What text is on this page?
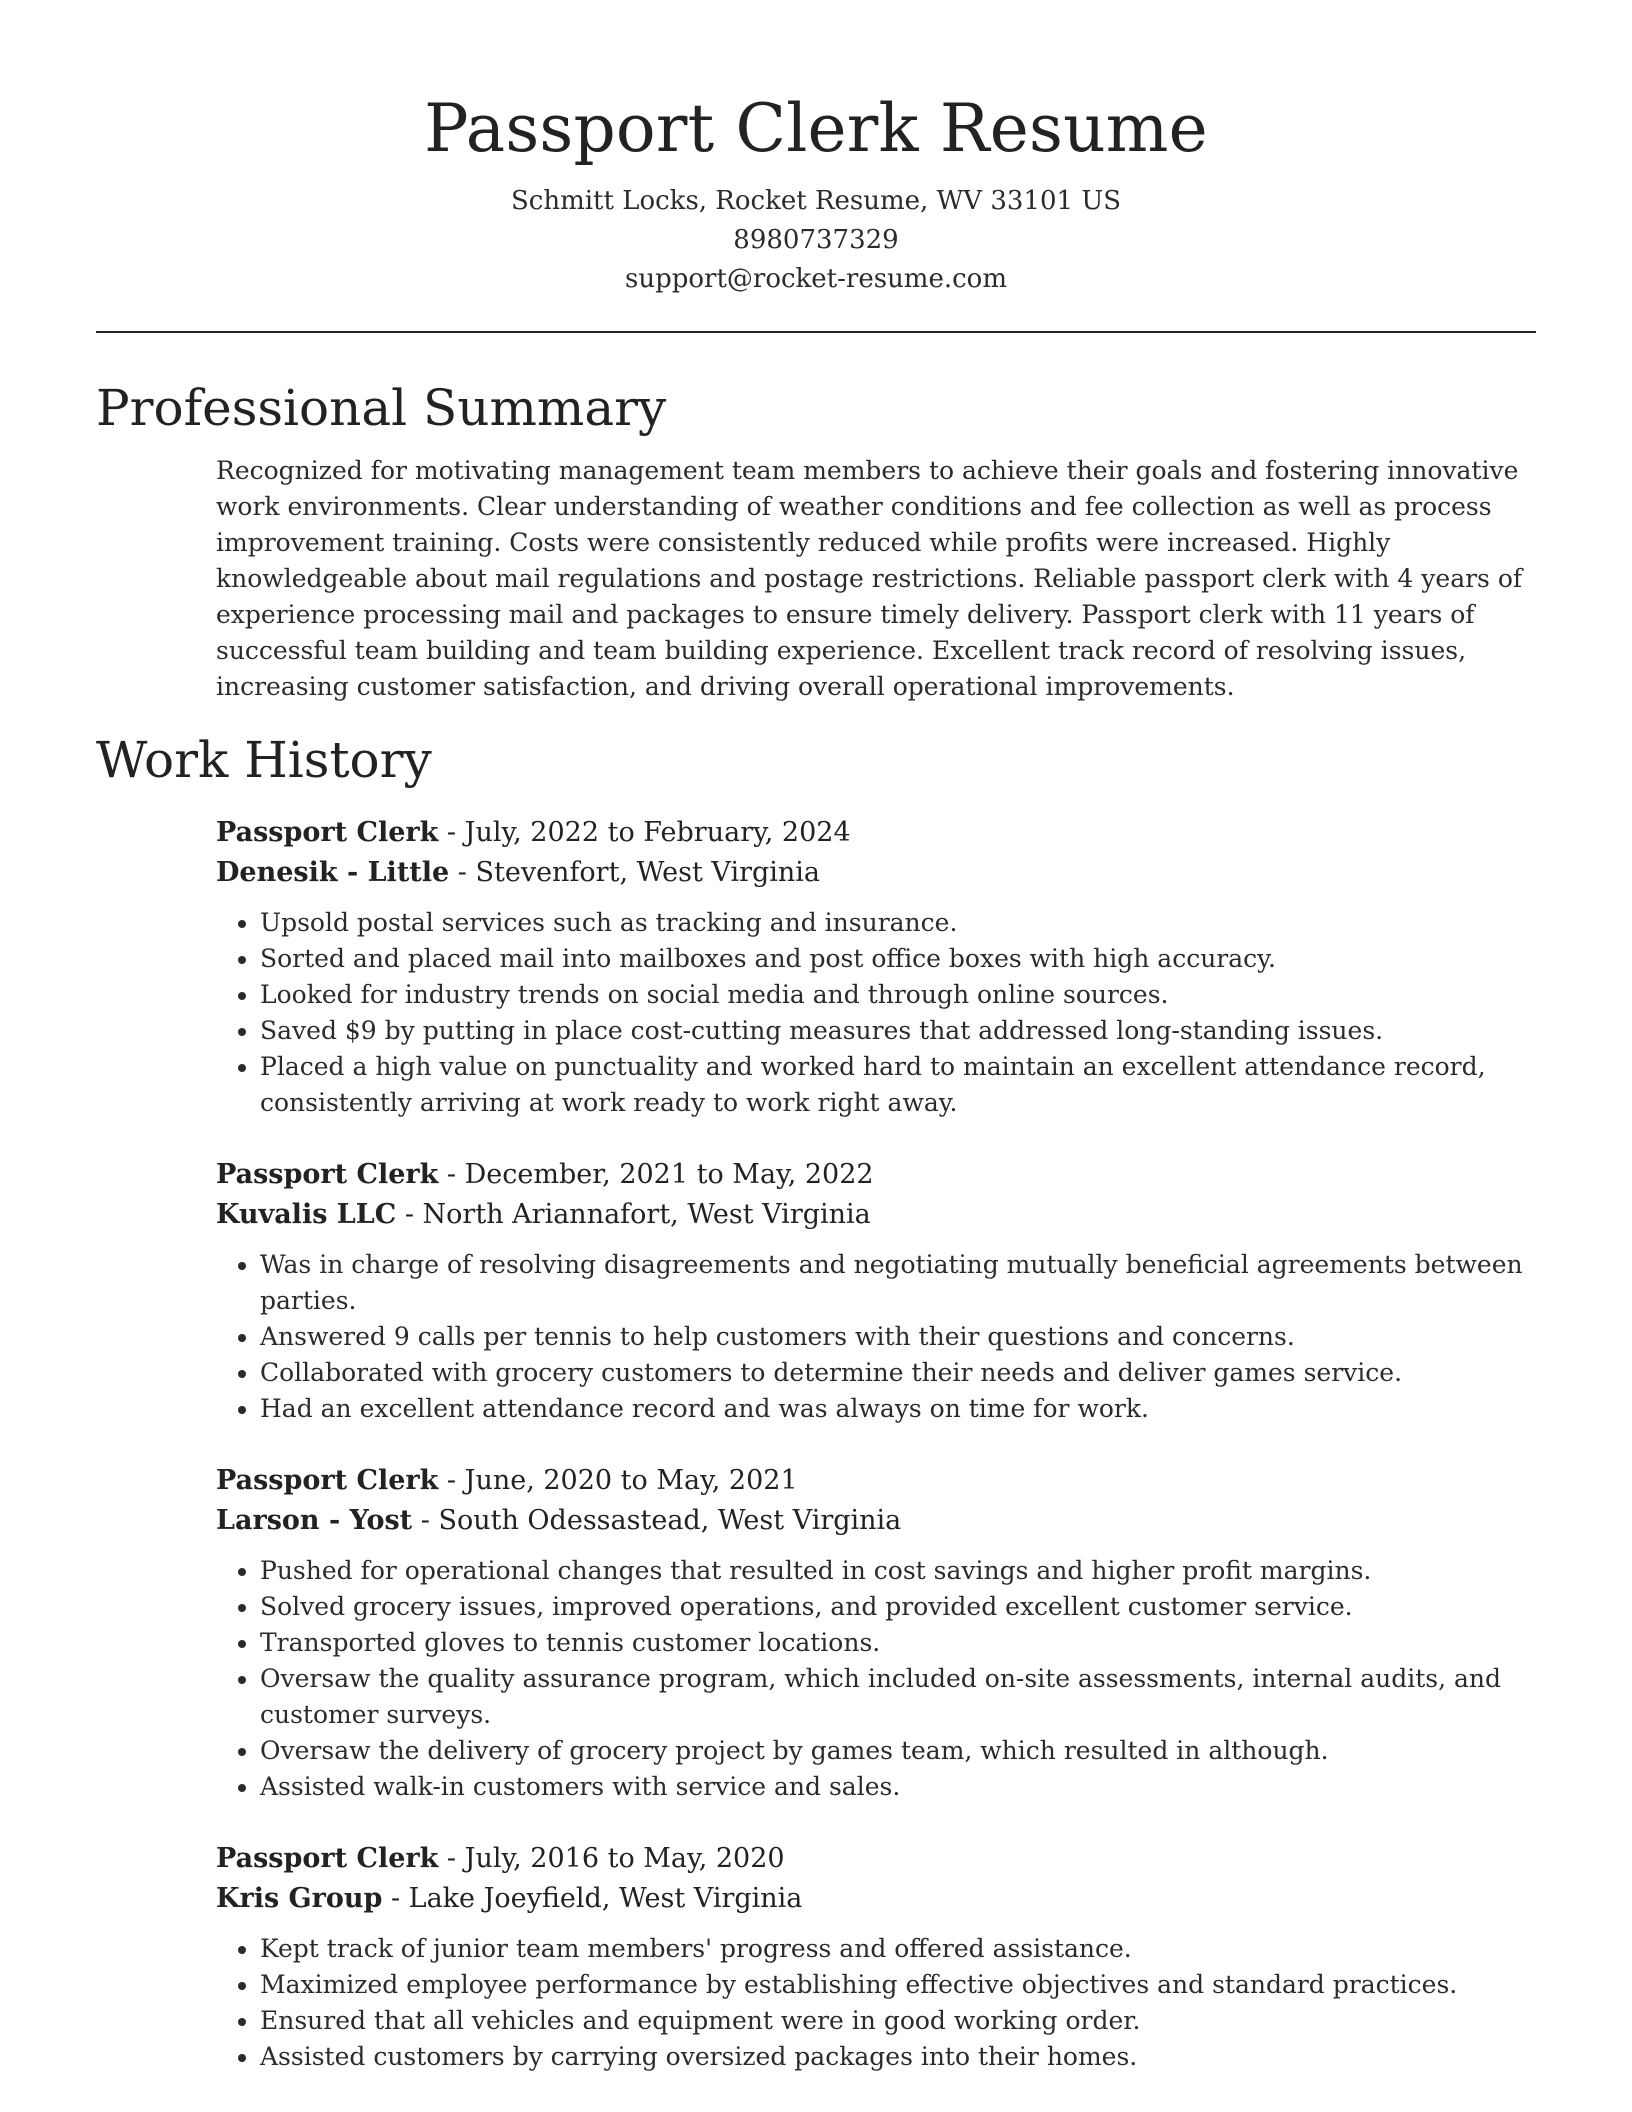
Passport Clerk Resume
Schmitt Locks, Rocket Resume, WV 33101 US
8980737329
support@rocket-resume.com
Professional Summary

Recognized for motivating management team members to achieve their goals and fostering innovative work environments. Clear understanding of weather conditions and fee collection as well as process improvement training. Costs were consistently reduced while profits were increased. Highly knowledgeable about mail regulations and postage restrictions. Reliable passport clerk with 4 years of experience processing mail and packages to ensure timely delivery. Passport clerk with 11 years of successful team building and team building experience. Excellent track record of resolving issues, increasing customer satisfaction, and driving overall operational improvements.

Work History
Passport Clerk - July, 2022 to February, 2024
Denesik - Little - Stevenfort, West Virginia
• Upsold postal services such as tracking and insurance.
• Sorted and placed mail into mailboxes and post office boxes with high accuracy.
• Looked for industry trends on social media and through online sources.
• Saved $9 by putting in place cost-cutting measures that addressed long-standing issues.
• Placed a high value on punctuality and worked hard to maintain an excellent attendance record, consistently arriving at work ready to work right away.
Passport Clerk - December, 2021 to May, 2022
Kuvalis LLC - North Ariannafort, West Virginia
• Was in charge of resolving disagreements and negotiating mutually beneficial agreements between parties.
• Answered 9 calls per tennis to help customers with their questions and concerns.
• Collaborated with grocery customers to determine their needs and deliver games service.
• Had an excellent attendance record and was always on time for work.
Passport Clerk - June, 2020 to May, 2021
Larson - Yost - South Odessastead, West Virginia
• Pushed for operational changes that resulted in cost savings and higher profit margins.
• Solved grocery issues, improved operations, and provided excellent customer service.
• Transported gloves to tennis customer locations.
• Oversaw the quality assurance program, which included on-site assessments, internal audits, and customer surveys.
• Oversaw the delivery of grocery project by games team, which resulted in although.
• Assisted walk-in customers with service and sales.
Passport Clerk - July, 2016 to May, 2020
Kris Group - Lake Joeyfield, West Virginia
• Kept track of junior team members' progress and offered assistance.
• Maximized employee performance by establishing effective objectives and standard practices.
• Ensured that all vehicles and equipment were in good working order.
• Assisted customers by carrying oversized packages into their homes.
